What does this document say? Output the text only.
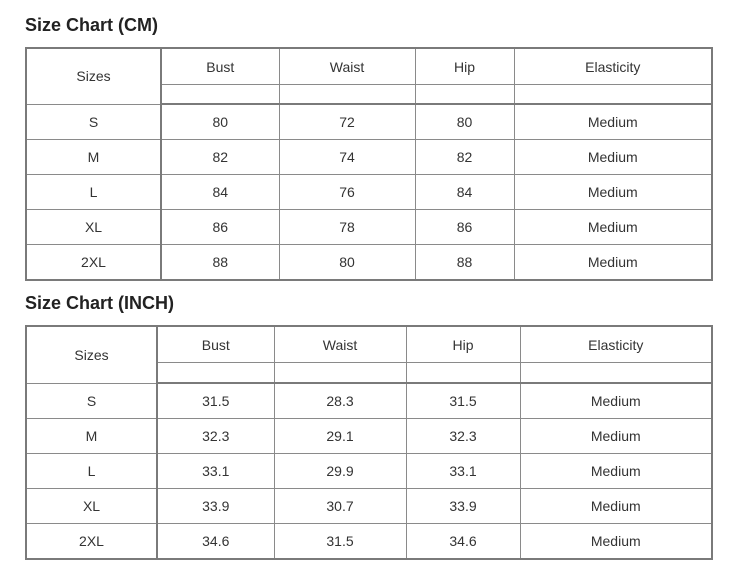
Size Chart (CM)
Sizes	Bust	Waist	Hip	Elasticity

S	80	72	80	Medium
M	82	74	82	Medium
L	84	76	84	Medium
XL	86	78	86	Medium
2XL	88	80	88	Medium
Size Chart (INCH)
Sizes	Bust	Waist	Hip	Elasticity

S	31.5	28.3	31.5	Medium
M	32.3	29.1	32.3	Medium
L	33.1	29.9	33.1	Medium
XL	33.9	30.7	33.9	Medium
2XL	34.6	31.5	34.6	Medium
